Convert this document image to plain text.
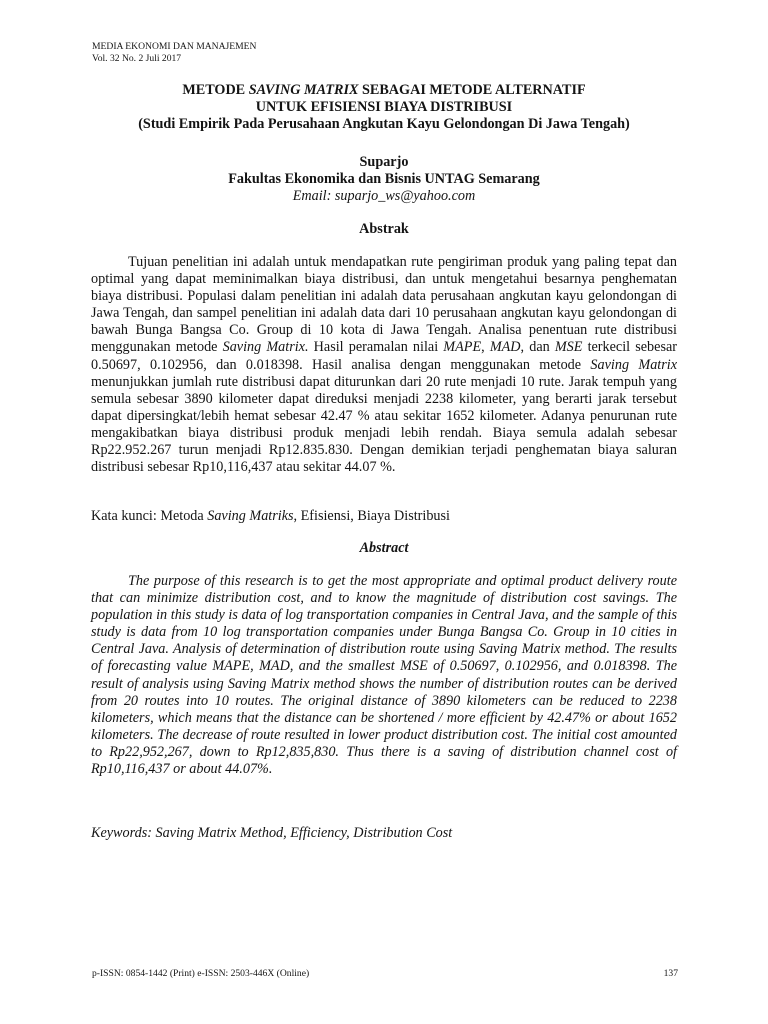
MEDIA EKONOMI DAN MANAJEMEN
Vol. 32 No. 2 Juli 2017
METODE SAVING MATRIX SEBAGAI METODE ALTERNATIF
UNTUK EFISIENSI BIAYA DISTRIBUSI
(Studi Empirik Pada Perusahaan Angkutan Kayu Gelondongan Di Jawa Tengah)
Suparjo
Fakultas Ekonomika dan Bisnis UNTAG Semarang
Email: suparjo_ws@yahoo.com
Abstrak
Tujuan penelitian ini adalah untuk mendapatkan rute pengiriman produk yang paling tepat dan optimal yang dapat meminimalkan biaya distribusi, dan untuk mengetahui besarnya penghematan biaya distribusi. Populasi dalam penelitian ini adalah data perusahaan angkutan kayu gelondongan di Jawa Tengah, dan sampel penelitian ini adalah data dari 10 perusahaan angkutan kayu gelondongan di bawah Bunga Bangsa Co. Group di 10 kota di Jawa Tengah. Analisa penentuan rute distribusi menggunakan metode Saving Matrix. Hasil peramalan nilai MAPE, MAD, dan MSE terkecil sebesar 0.50697, 0.102956, dan 0.018398. Hasil analisa dengan menggunakan metode Saving Matrix menunjukkan jumlah rute distribusi dapat diturunkan dari 20 rute menjadi 10 rute. Jarak tempuh yang semula sebesar 3890 kilometer dapat direduksi menjadi 2238 kilometer, yang berarti jarak tersebut dapat dipersingkat/lebih hemat sebesar 42.47 % atau sekitar 1652 kilometer. Adanya penurunan rute mengakibatkan biaya distribusi produk menjadi lebih rendah. Biaya semula adalah sebesar Rp22.952.267 turun menjadi Rp12.835.830. Dengan demikian terjadi penghematan biaya saluran distribusi sebesar Rp10,116,437 atau sekitar 44.07 %.
Kata kunci: Metoda Saving Matriks, Efisiensi, Biaya Distribusi
Abstract
The purpose of this research is to get the most appropriate and optimal product delivery route that can minimize distribution cost, and to know the magnitude of distribution cost savings. The population in this study is data of log transportation companies in Central Java, and the sample of this study is data from 10 log transportation companies under Bunga Bangsa Co. Group in 10 cities in Central Java. Analysis of determination of distribution route using Saving Matrix method. The results of forecasting value MAPE, MAD, and the smallest MSE of 0.50697, 0.102956, and 0.018398. The result of analysis using Saving Matrix method shows the number of distribution routes can be derived from 20 routes into 10 routes. The original distance of 3890 kilometers can be reduced to 2238 kilometers, which means that the distance can be shortened / more efficient by 42.47% or about 1652 kilometers. The decrease of route resulted in lower product distribution cost. The initial cost amounted to Rp22,952,267, down to Rp12,835,830. Thus there is a saving of distribution channel cost of Rp10,116,437 or about 44.07%.
Keywords: Saving Matrix Method, Efficiency, Distribution Cost
p-ISSN: 0854-1442 (Print) e-ISSN: 2503-446X (Online)	137
